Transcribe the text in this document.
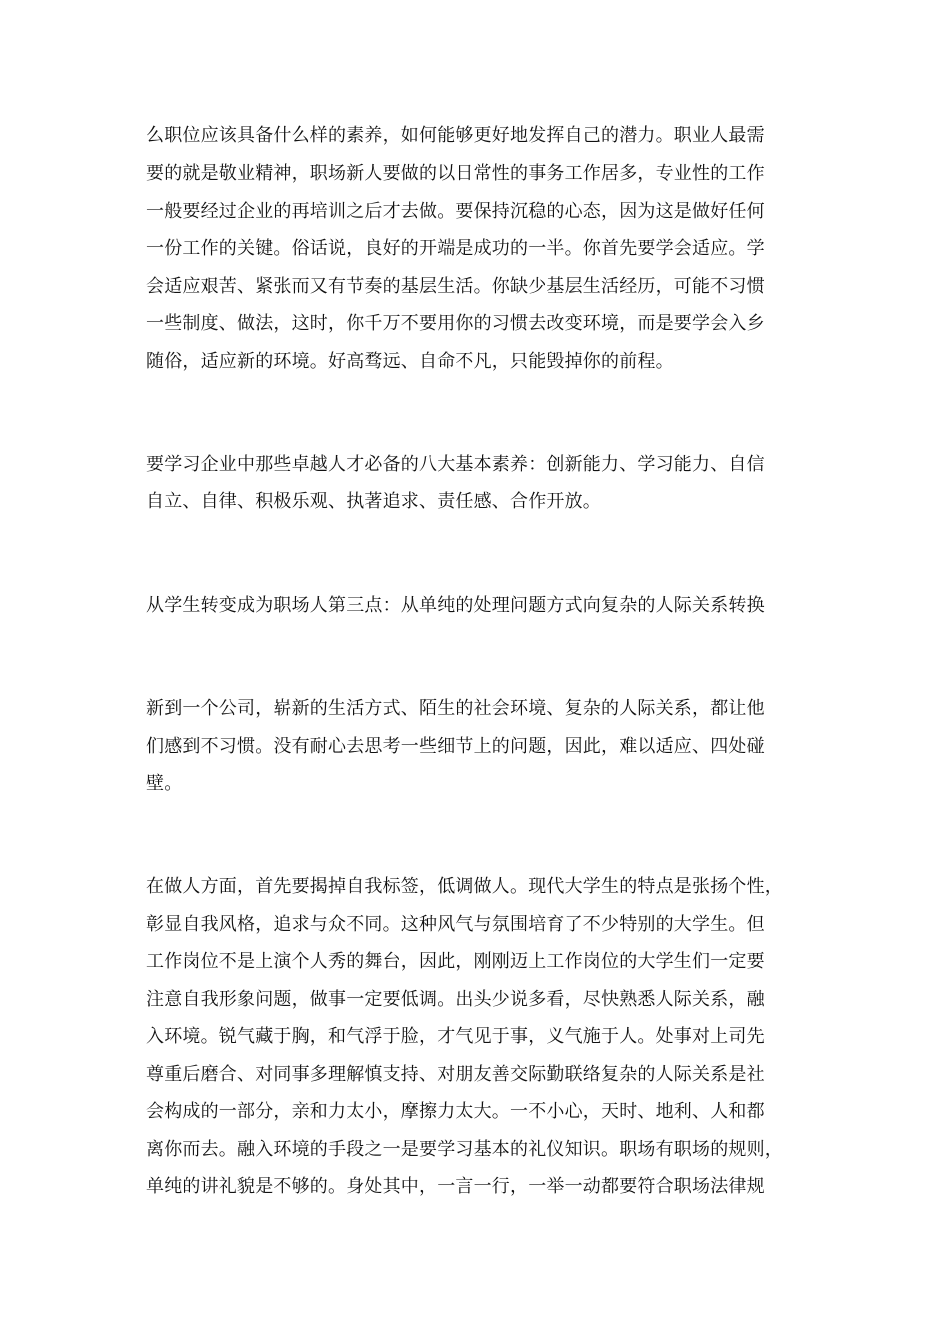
么职位应该具备什么样的素养，如何能够更好地发挥自己的潜力。职业人最需
要的就是敬业精神，职场新人要做的以日常性的事务工作居多，专业性的工作
一般要经过企业的再培训之后才去做。要保持沉稳的心态，因为这是做好任何
一份工作的关键。俗话说，良好的开端是成功的一半。你首先要学会适应。学
会适应艰苦、紧张而又有节奏的基层生活。你缺少基层生活经历，可能不习惯
一些制度、做法，这时，你千万不要用你的习惯去改变环境，而是要学会入乡
随俗，适应新的环境。好高骛远、自命不凡，只能毁掉你的前程。
要学习企业中那些卓越人才必备的八大基本素养：创新能力、学习能力、自信
自立、自律、积极乐观、执著追求、责任感、合作开放。
从学生转变成为职场人第三点：从单纯的处理问题方式向复杂的人际关系转换
新到一个公司，崭新的生活方式、陌生的社会环境、复杂的人际关系，都让他
们感到不习惯。没有耐心去思考一些细节上的问题，因此，难以适应、四处碰
壁。
在做人方面，首先要揭掉自我标签，低调做人。现代大学生的特点是张扬个性，
彰显自我风格，追求与众不同。这种风气与氛围培育了不少特别的大学生。但
工作岗位不是上演个人秀的舞台，因此，刚刚迈上工作岗位的大学生们一定要
注意自我形象问题，做事一定要低调。出头少说多看，尽快熟悉人际关系，融
入环境。锐气藏于胸，和气浮于脸，才气见于事，义气施于人。处事对上司先
尊重后磨合、对同事多理解慎支持、对朋友善交际勤联络复杂的人际关系是社
会构成的一部分，亲和力太小，摩擦力太大。一不小心，天时、地利、人和都
离你而去。融入环境的手段之一是要学习基本的礼仪知识。职场有职场的规则，
单纯的讲礼貌是不够的。身处其中，一言一行，一举一动都要符合职场法律规
